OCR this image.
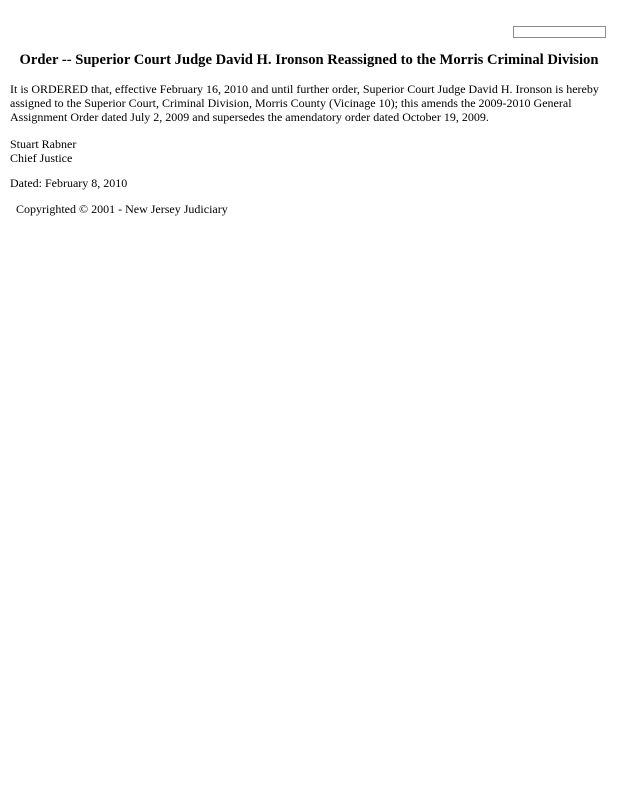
Order -- Superior Court Judge David H. Ironson Reassigned to the Morris Criminal Division

It is ORDERED that, effective February 16, 2010 and until further order, Superior Court Judge David H. Ironson is hereby assigned to the Superior Court, Criminal Division, Morris County (Vicinage 10); this amends the 2009-2010 General Assignment Order dated July 2, 2009 and supersedes the amendatory order dated October 19, 2009.

Stuart Rabner
Chief Justice

Dated: February 8, 2010

Copyrighted © 2001 - New Jersey Judiciary
